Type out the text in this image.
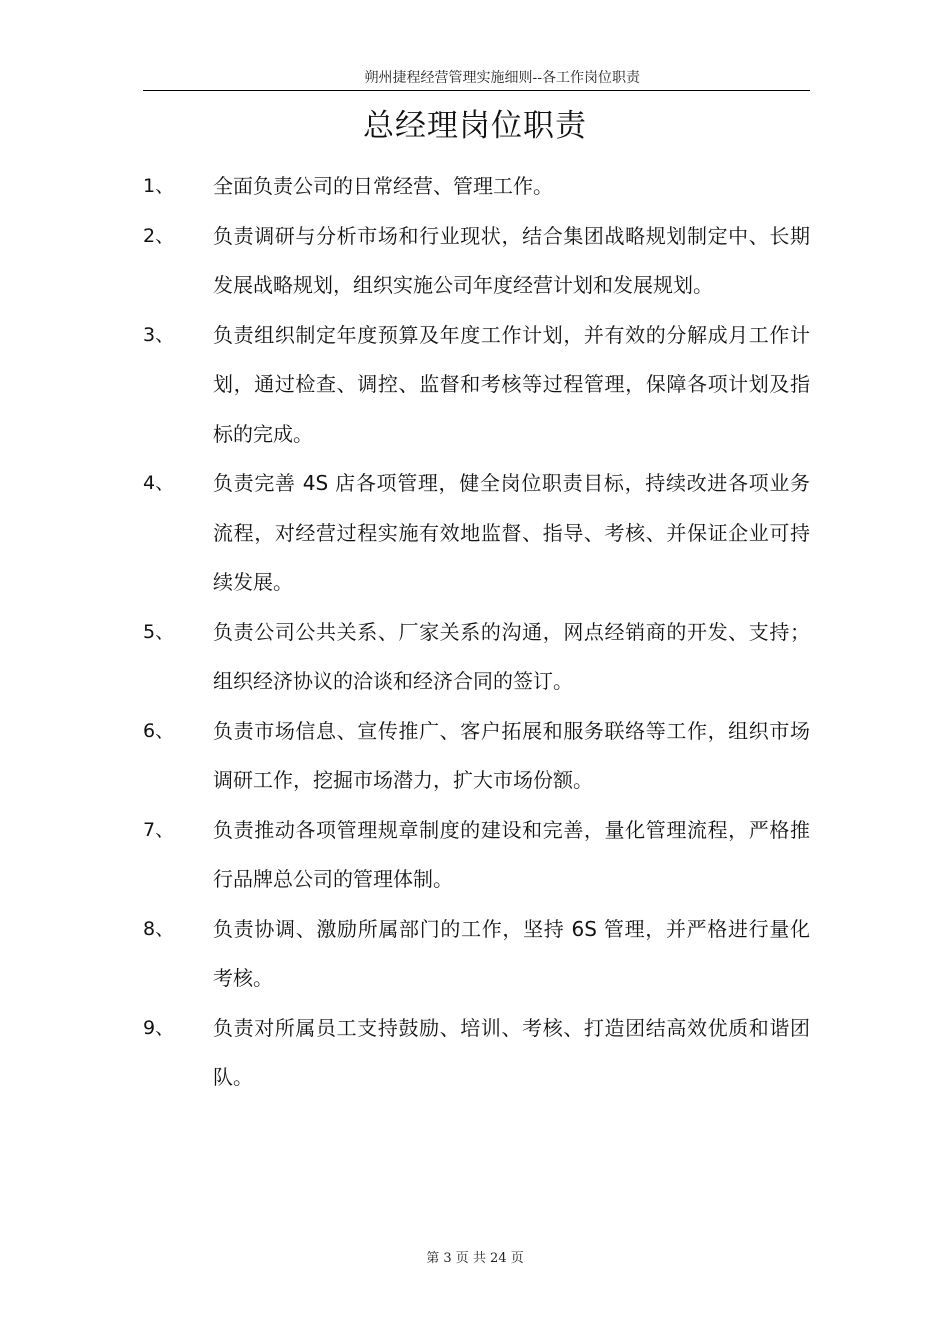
朔州捷程经营管理实施细则--各工作岗位职责
总经理岗位职责
1、	全面负责公司的日常经营、管理工作。
2、	负责调研与分析市场和行业现状，结合集团战略规划制定中、长期发展战略规划，组织实施公司年度经营计划和发展规划。
3、	负责组织制定年度预算及年度工作计划，并有效的分解成月工作计划，通过检查、调控、监督和考核等过程管理，保障各项计划及指标的完成。
4、	负责完善 4S 店各项管理，健全岗位职责目标，持续改进各项业务流程，对经营过程实施有效地监督、指导、考核、并保证企业可持续发展。
5、	负责公司公共关系、厂家关系的沟通，网点经销商的开发、支持；组织经济协议的洽谈和经济合同的签订。
6、	负责市场信息、宣传推广、客户拓展和服务联络等工作，组织市场调研工作，挖掘市场潜力，扩大市场份额。
7、	负责推动各项管理规章制度的建设和完善，量化管理流程，严格推行品牌总公司的管理体制。
8、	负责协调、激励所属部门的工作，坚持 6S 管理，并严格进行量化考核。
9、	负责对所属员工支持鼓励、培训、考核、打造团结高效优质和谐团队。
第 3 页 共 24 页
